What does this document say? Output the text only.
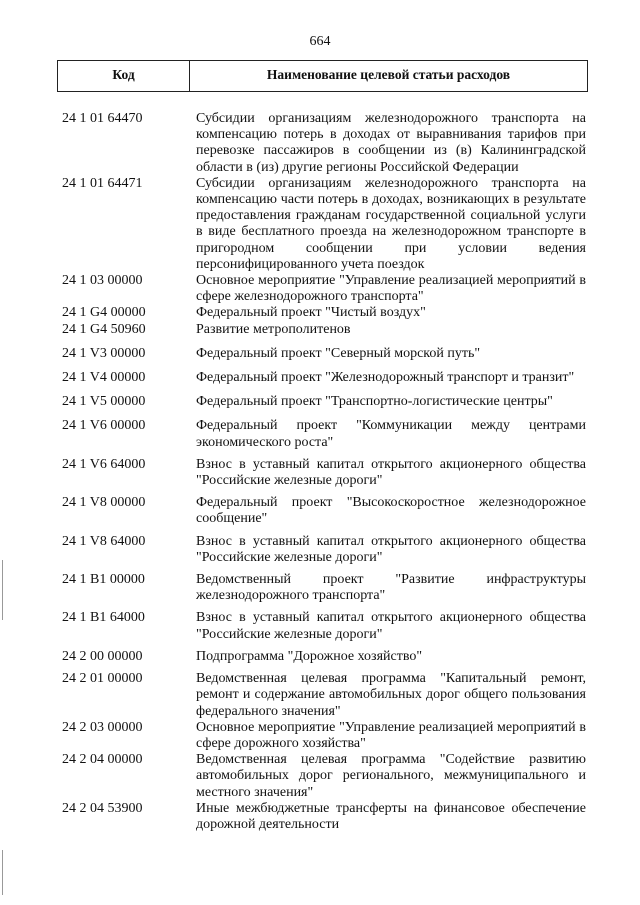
664
Код	Наименование целевой статьи расходов
24 1 01 64470	Субсидии организациям железнодорожного транспорта на компенсацию потерь в доходах от выравнивания тарифов при перевозке пассажиров в сообщении из (в) Калининградской области в (из) другие регионы Российской Федерации
24 1 01 64471	Субсидии организациям железнодорожного транспорта на компенсацию части потерь в доходах, возникающих в результате предоставления гражданам государственной социальной услуги в виде бесплатного проезда на железнодорожном транспорте в пригородном сообщении при условии ведения персонифицированного учета поездок
24 1 03 00000	Основное мероприятие "Управление реализацией мероприятий в сфере железнодорожного транспорта"
24 1 G4 00000	Федеральный проект "Чистый воздух"
24 1 G4 50960	Развитие метрополитенов
24 1 V3 00000	Федеральный проект "Северный морской путь"
24 1 V4 00000	Федеральный проект "Железнодорожный транспорт и транзит"
24 1 V5 00000	Федеральный проект "Транспортно-логистические центры"
24 1 V6 00000	Федеральный проект "Коммуникации между центрами экономического роста"
24 1 V6 64000	Взнос в уставный капитал открытого акционерного общества "Российские железные дороги"
24 1 V8 00000	Федеральный проект "Высокоскоростное железнодорожное сообщение"
24 1 V8 64000	Взнос в уставный капитал открытого акционерного общества "Российские железные дороги"
24 1 B1 00000	Ведомственный проект "Развитие инфраструктуры железнодорожного транспорта"
24 1 B1 64000	Взнос в уставный капитал открытого акционерного общества "Российские железные дороги"
24 2 00 00000	Подпрограмма "Дорожное хозяйство"
24 2 01 00000	Ведомственная целевая программа "Капитальный ремонт, ремонт и содержание автомобильных дорог общего пользования федерального значения"
24 2 03 00000	Основное мероприятие "Управление реализацией мероприятий в сфере дорожного хозяйства"
24 2 04 00000	Ведомственная целевая программа "Содействие развитию автомобильных дорог регионального, межмуниципального и местного значения"
24 2 04 53900	Иные межбюджетные трансферты на финансовое обеспечение дорожной деятельности
